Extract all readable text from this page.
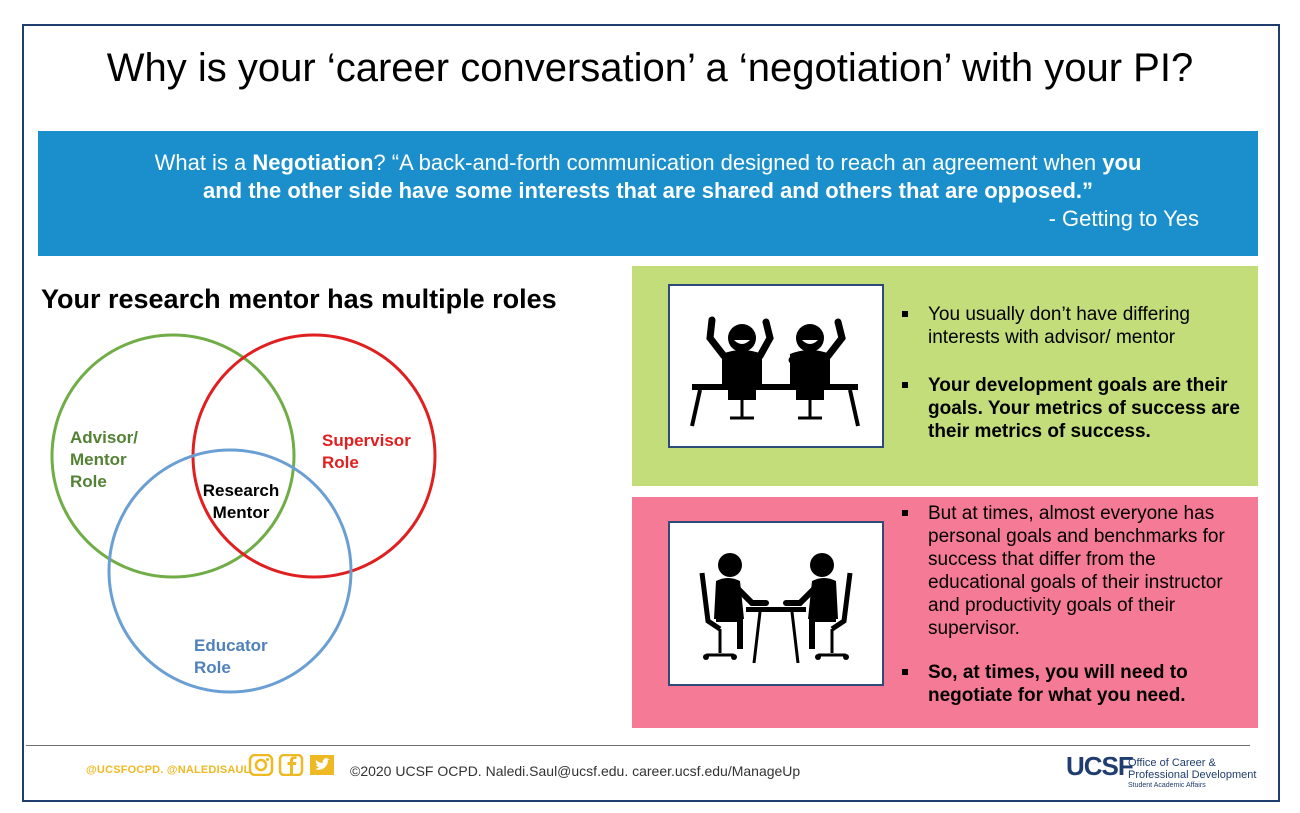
Why is your ‘career conversation’ a ‘negotiation’ with your PI?
What is a Negotiation? “A back-and-forth communication designed to reach an agreement when you
and the other side have some interests that are shared and others that are opposed.”
- Getting to Yes
Your research mentor has multiple roles
Advisor/
Mentor
Role
Supervisor
Role
Research
Mentor
Educator
Role
You usually don’t have differing interests with advisor/ mentor
Your development goals are their goals. Your metrics of success are their metrics of success.
But at times, almost everyone has personal goals and benchmarks for success that differ from the educational goals of their instructor and productivity goals of their supervisor.
So, at times, you will need to negotiate for what you need.
@UCSFOCPD. @NALEDISAUL	©2020 UCSF OCPD. Naledi.Saul@ucsf.edu. career.ucsf.edu/ManageUp	UCSF
Office of Career &
Professional Development
Student Academic Affairs
